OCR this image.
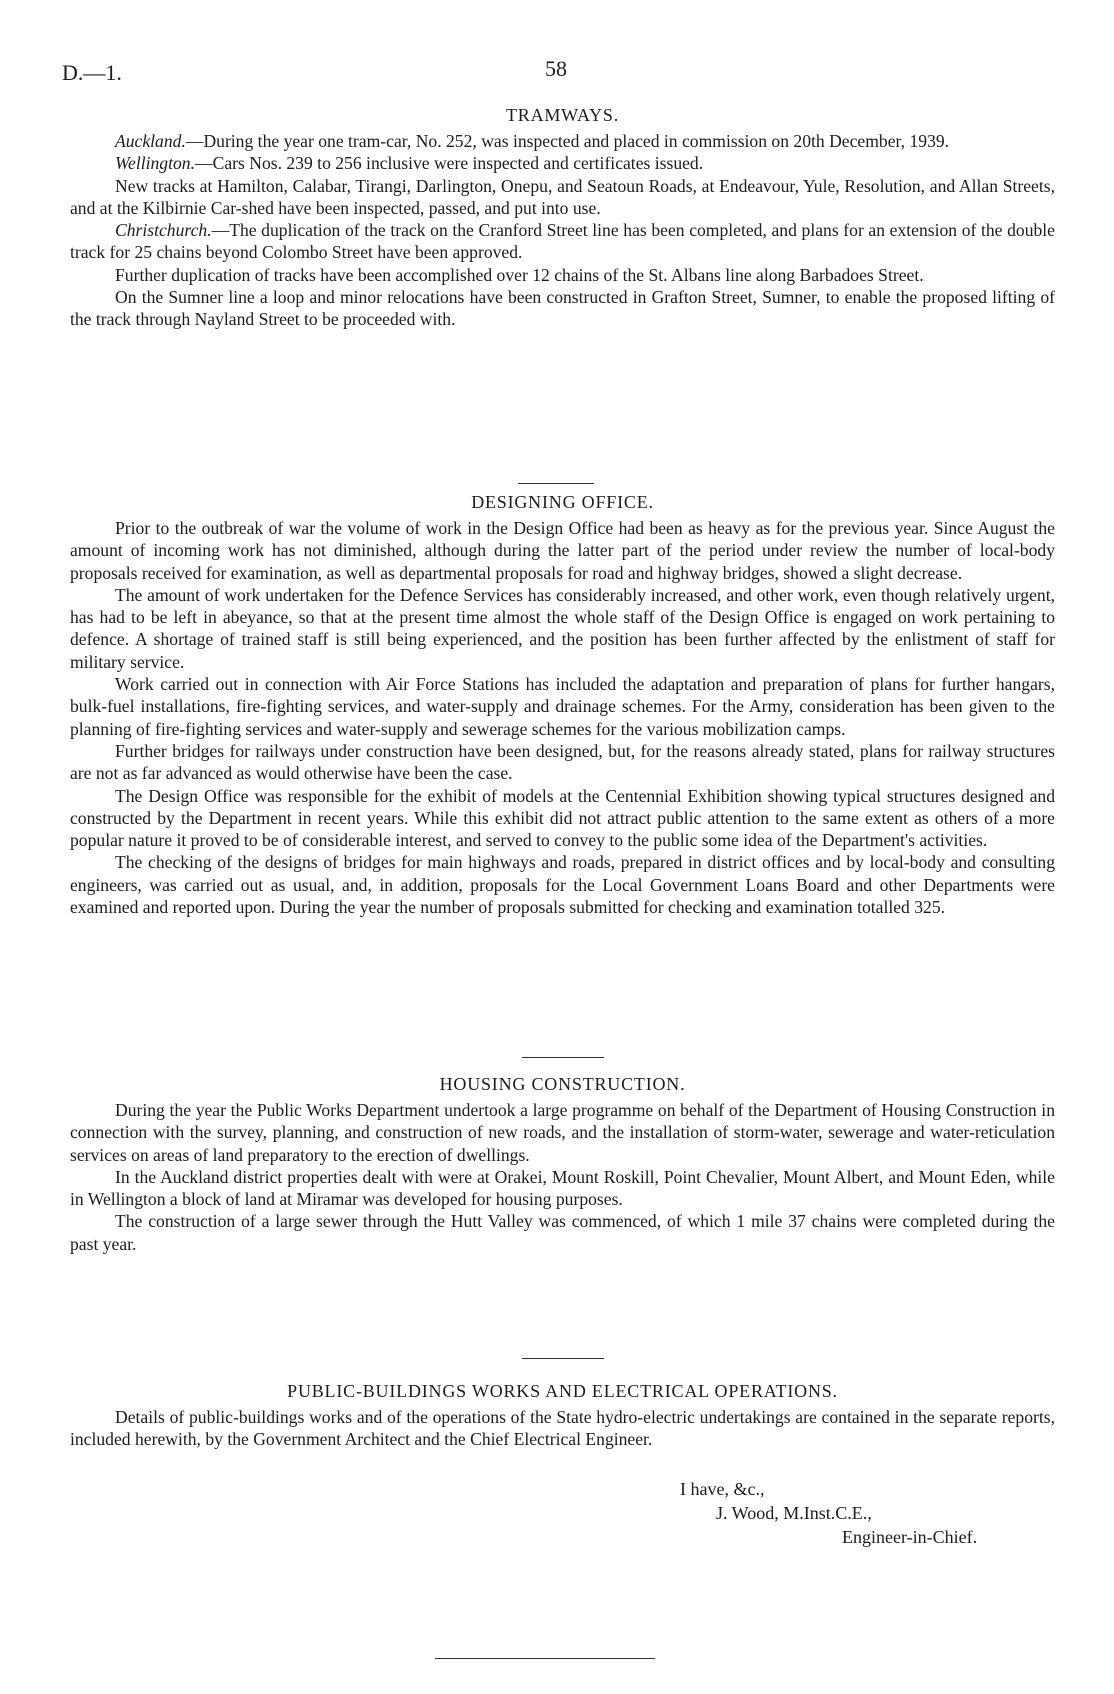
D.—1.	58
TRAMWAYS.

Auckland.—During the year one tram-car, No. 252, was inspected and placed in commission on 20th December, 1939.

Wellington.—Cars Nos. 239 to 256 inclusive were inspected and certificates issued.

New tracks at Hamilton, Calabar, Tirangi, Darlington, Onepu, and Seatoun Roads, at Endeavour, Yule, Resolution, and Allan Streets, and at the Kilbirnie Car-shed have been inspected, passed, and put into use.

Christchurch.—The duplication of the track on the Cranford Street line has been completed, and plans for an extension of the double track for 25 chains beyond Colombo Street have been approved.

Further duplication of tracks have been accomplished over 12 chains of the St. Albans line along Barbadoes Street.

On the Sumner line a loop and minor relocations have been constructed in Grafton Street, Sumner, to enable the proposed lifting of the track through Nayland Street to be proceeded with.

DESIGNING OFFICE.

Prior to the outbreak of war the volume of work in the Design Office had been as heavy as for the previous year. Since August the amount of incoming work has not diminished, although during the latter part of the period under review the number of local-body proposals received for examination, as well as departmental proposals for road and highway bridges, showed a slight decrease.

The amount of work undertaken for the Defence Services has considerably increased, and other work, even though relatively urgent, has had to be left in abeyance, so that at the present time almost the whole staff of the Design Office is engaged on work pertaining to defence. A shortage of trained staff is still being experienced, and the position has been further affected by the enlistment of staff for military service.

Work carried out in connection with Air Force Stations has included the adaptation and preparation of plans for further hangars, bulk-fuel installations, fire-fighting services, and water-supply and drainage schemes. For the Army, consideration has been given to the planning of fire-fighting services and water-supply and sewerage schemes for the various mobilization camps.

Further bridges for railways under construction have been designed, but, for the reasons already stated, plans for railway structures are not as far advanced as would otherwise have been the case.

The Design Office was responsible for the exhibit of models at the Centennial Exhibition showing typical structures designed and constructed by the Department in recent years. While this exhibit did not attract public attention to the same extent as others of a more popular nature it proved to be of considerable interest, and served to convey to the public some idea of the Department's activities.

The checking of the designs of bridges for main highways and roads, prepared in district offices and by local-body and consulting engineers, was carried out as usual, and, in addition, proposals for the Local Government Loans Board and other Departments were examined and reported upon. During the year the number of proposals submitted for checking and examination totalled 325.

HOUSING CONSTRUCTION.

During the year the Public Works Department undertook a large programme on behalf of the Department of Housing Construction in connection with the survey, planning, and construction of new roads, and the installation of storm-water, sewerage and water-reticulation services on areas of land preparatory to the erection of dwellings.

In the Auckland district properties dealt with were at Orakei, Mount Roskill, Point Chevalier, Mount Albert, and Mount Eden, while in Wellington a block of land at Miramar was developed for housing purposes.

The construction of a large sewer through the Hutt Valley was commenced, of which 1 mile 37 chains were completed during the past year.

PUBLIC-BUILDINGS WORKS AND ELECTRICAL OPERATIONS.

Details of public-buildings works and of the operations of the State hydro-electric undertakings are contained in the separate reports, included herewith, by the Government Architect and the Chief Electrical Engineer.

I have, &c.,
J. Wood, M.Inst.C.E.,
Engineer-in-Chief.
